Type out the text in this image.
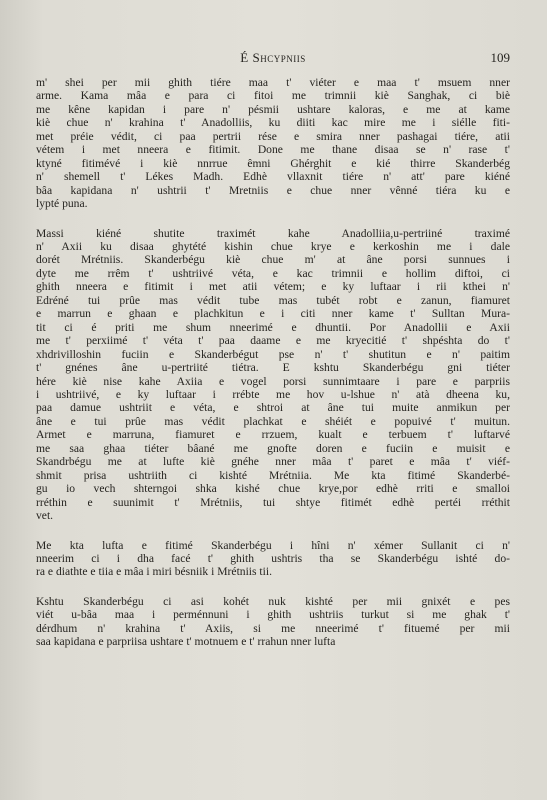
É Shcypniis	109

m' shei per mii ghith tiére maa t' viéter e maa t' msuem nner
arme. Kama mâa e para ci fitoi me trimnii kiè Sanghak, ci biè
me kêne kapidan i pare n' pésmii ushtare kaloras, e me at kame
kiè chue n' krahina t' Anadolliis, ku diiti kac mire me i siélle fiti-
met préie védit, ci paa pertrii rése e smira nner pashagai tiére, atii
vétem i met nneera e fitimit. Done me thane disaa se n' rase t'
ktyné fitimévé i kiè nnrrue êmni Ghérghit e kié thirre Skanderbég
n' shemell t' Lékes Madh. Edhè vllaxnit tiére n' att' pare kiéné
bâa kapidana n' ushtrii t' Mretniis e chue nner vênné tiéra ku e
lypté puna.

Massi kiéné shutite traximét kahe Anadolliia,u-pertriiné traximé
n' Axii ku disaa ghytété kishin chue krye e kerkoshin me i dale
dorét Mrétniis. Skanderbégu kiè chue m' at âne porsi sunnues i
dyte me rrêm t' ushtriivé véta, e kac trimnii e hollim diftoi, ci
ghith nneera e fitimit i met atii vétem; e ky luftaar i rii kthei n'
Edréné tui prûe mas védit tube mas tubét robt e zanun, fiamuret
e marrun e ghaan e plachkitun e i citi nner kame t' Sulltan Mura-
tit ci é priti me shum nneerimé e dhuntii. Por Anadollii e Axii
me t' perxiimé t' véta t' paa daame e me kryecitié t' shpéshta do t'
xhdrivilloshin fuciin e Skanderbégut pse n' t' shutitun e n' paitim
t' gnénes âne u-pertriité tiétra. E kshtu Skanderbégu gni tiéter
hére kiè nise kahe Axiia e vogel porsi sunnimtaare i pare e parpriis
i ushtriivé, e ky luftaar i rrébte me hov u-lshue n' atà dheena ku,
paa damue ushtriit e véta, e shtroi at âne tui muite anmikun per
âne e tui prûe mas védit plachkat e shéiét e popuivé t' muitun.
Armet e marruna, fiamuret e rrzuem, kualt e terbuem t' luftarvé
me saa ghaa tiéter bâané me gnofte doren e fuciin e muisit e
Skandrbégu me at lufte kiè gnéhe nner mâa t' paret e mâa t' viéf-
shmit prisa ushtriith ci kishté Mrétniia. Me kta fitimé Skanderbé-
gu io vech shterngoi shka kishé chue krye,por edhè rriti e smalloi
rréthin e suunimit t' Mrétniis, tui shtye fitimét edhè pertéi rréthit
vet.

Me kta lufta e fitimé Skanderbégu i hîni n' xémer Sullanit ci n'
nneerim ci i dha facé t' ghith ushtris tha se Skanderbégu ishté do-
ra e diathte e tiia e mâa i miri bésniik i Mrétniis tii.

Kshtu Skanderbégu ci asi kohét nuk kishté per mii gnixét e pes
viét u-bâa maa i perménnuni i ghith ushtriis turkut si me ghak t'
dérdhum n' krahina t' Axiis, si me nneerimé t' fituemé per mii
saa kapidana e parpriisa ushtare t' motnuem e t' rrahun nner lufta
